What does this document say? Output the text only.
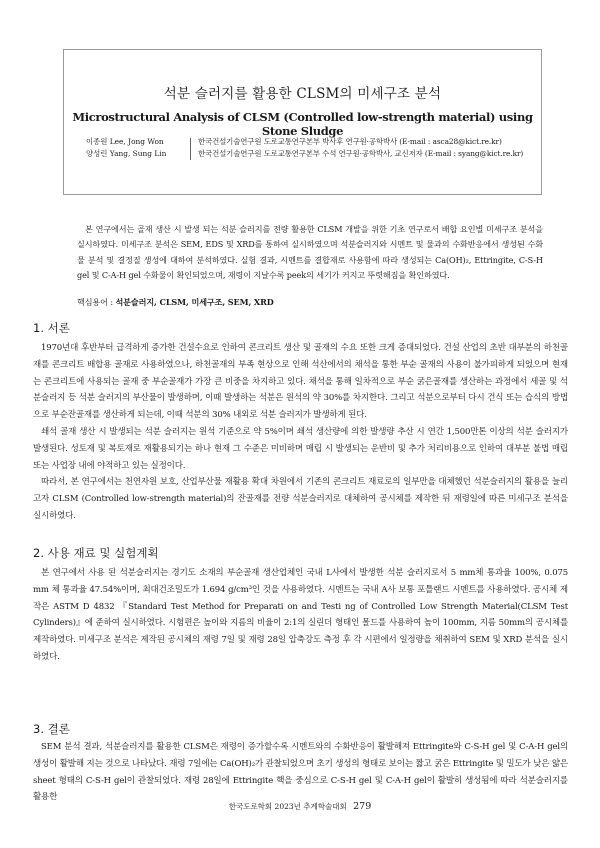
석분 슬러지를 활용한 CLSM의 미세구조 분석
Microstructural Analysis of CLSM (Controlled low-strength material) using Stone Sludge
이종원 Lee, Jong Won	한국건설기술연구원 도로교통연구본부 박사후 연구원·공학박사 (E-mail : asca28@kict.re.kr)
양성린 Yang, Sung Lin	한국건설기술연구원 도로교통연구본부 수석 연구원·공학박사, 교신저자 (E-mail : syang@kict.re.kr)

본 연구에서는 골재 생산 시 발생 되는 석분 슬러지를 전량 활용한 CLSM 개발을 위한 기초 연구로서 배합 요인별 미세구조 분석을 실시하였다. 미세구조 분석은 SEM, EDS 및 XRD를 통하여 실시하였으며 석분슬러지와 시멘트 및 물과의 수화반응에서 생성된 수화물 분석 및 결정질 생성에 대하여 분석하였다. 실험 결과, 시멘트를 결합재로 사용함에 따라 생성되는 Ca(OH)₂, Ettringite, C-S-H gel 및 C-A-H gel 수화물이 확인되었으며, 재령이 지날수록 peek의 세기가 커지고 뚜렷해짐을 확인하였다.

핵심용어 : 석분슬러지, CLSM, 미세구조, SEM, XRD
1. 서론

1970년대 후반부터 급격하게 증가한 건설수요로 인하여 콘크리트 생산 및 골재의 수요 또한 크게 증대되었다. 건설 산업의 초반 대부분의 하천골재를 콘크리트 배합용 골재로 사용하였으나, 하천골재의 부족 현상으로 인해 석산에서의 채석을 통한 부순 골재의 사용이 불가피하게 되었으며 현재는 콘크리트에 사용되는 골재 중 부순골재가 가장 큰 비중을 차지하고 있다. 채석을 통해 일차적으로 부순 굵은골재를 생산하는 과정에서 세골 및 석분슬러지 등 석분 슬러지의 부산물이 발생하며, 이때 발생하는 석분은 원석의 약 30%를 차지한다. 그리고 석분으로부터 다시 건식 또는 습식의 방법으로 부순잔골재를 생산하게 되는데, 이때 석분의 30% 내외로 석분 슬러지가 발생하게 된다.

쇄석 골재 생산 시 발생되는 석분 슬러지는 원석 기준으로 약 5%이며 쇄석 생산량에 의한 발생량 추산 시 연간 1,500만톤 이상의 석분 슬러지가 발생된다. 성토재 및 복토재로 재활용되기는 하나 현재 그 수준은 미비하며 매립 시 발생되는 운반비 및 추가 처리비용으로 인하여 대부분 불법 매립 또는 사업장 내에 야적하고 있는 실정이다.

따라서, 본 연구에서는 천연자원 보호, 산업부산물 재활용 확대 차원에서 기존의 콘크리트 재료로의 일부만을 대체했던 석분슬러지의 활용을 늘리고자 CLSM (Controlled low-strength material)의 잔골재를 전량 석분슬러지로 대체하여 공시체를 제작한 뒤 재령일에 따른 미세구조 분석을 실시하였다.

2. 사용 재료 및 실험계획

본 연구에서 사용 된 석분슬러지는 경기도 소재의 부순골재 생산업체인 국내 L사에서 발생한 석분 슬러지로서 5 mm체 통과율 100%, 0.075 mm 체 통과율 47.54%이며, 최대건조밀도가 1.694 g/cm³인 것을 사용하였다. 시멘트는 국내 A사 보통 포틀랜드 시멘트를 사용하였다. 공시체 제작은 ASTM D 4832 『Standard Test Method for Preparati on and Testi ng of Controlled Low Strength Material(CLSM Test Cylinders)』에 준하여 실시하였다. 시험편은 높이와 지름의 비율이 2:1의 실린더 형태인 몰드를 사용하여 높이 100mm, 지름 50mm의 공시체를 제작하였다. 미세구조 분석은 제작된 공시체의 재령 7일 및 재령 28일 압축강도 측정 후 각 시편에서 일정량을 채취하여 SEM 및 XRD 분석을 실시하였다.

3. 결론

SEM 분석 결과, 석분슬러지를 활용한 CLSM은 재령이 증가할수록 시멘트와의 수화반응이 활발해져 Ettringite와 C-S-H gel 및 C-A-H gel의 생성이 활발해 지는 것으로 나타났다. 재령 7일에는 Ca(OH)₂가 관찰되었으며 초기 생성의 형태로 보이는 짧고 굵은 Ettringite 및 밀도가 낮은 얇은 sheet 형태의 C-S-H gel이 관찰되었다. 재령 28일에 Ettringite 핵을 중심으로 C-S-H gel 및 C-A-H gel이 활발히 생성됨에 따라 석분슬러지를 활용한

한국도로학회 2023년 추계학술대회 279
